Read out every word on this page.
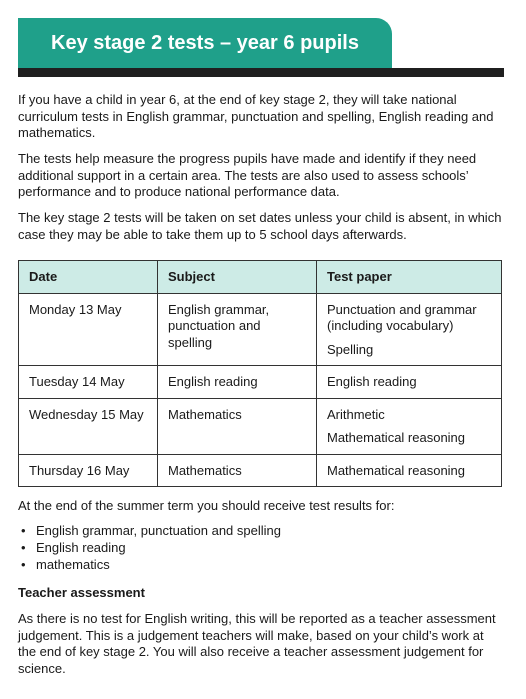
Key stage 2 tests – year 6 pupils

If you have a child in year 6, at the end of key stage 2, they will take national curriculum tests in English grammar, punctuation and spelling, English reading and mathematics.

The tests help measure the progress pupils have made and identify if they need additional support in a certain area. The tests are also used to assess schools’ performance and to produce national performance data.

The key stage 2 tests will be taken on set dates unless your child is absent, in which case they may be able to take them up to 5 school days afterwards.

Date	Subject	Test paper
Monday 13 May	English grammar, punctuation and spelling	Punctuation and grammar (including vocabulary)
Spelling

Tuesday 14 May	English reading	English reading

Wednesday 15 May	Mathematics	Arithmetic
Mathematical reasoning

Thursday 16 May	Mathematics	Mathematical reasoning

At the end of the summer term you should receive test results for:

• English grammar, punctuation and spelling
• English reading
• mathematics

Teacher assessment

As there is no test for English writing, this will be reported as a teacher assessment judgement. This is a judgement teachers will make, based on your child’s work at the end of key stage 2. You will also receive a teacher assessment judgement for science.
